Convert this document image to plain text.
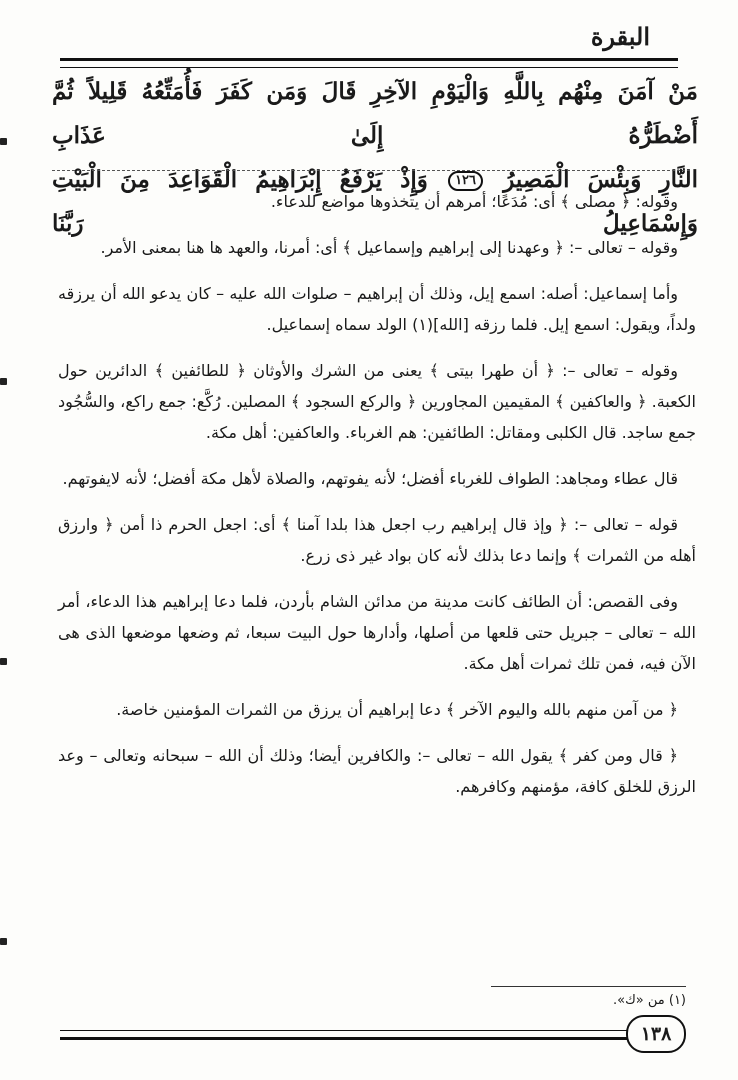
البقرة
مَنْ آمَنَ مِنْهُم بِاللَّهِ وَالْيَوْمِ الآخِرِ قَالَ وَمَن كَفَرَ فَأُمَتِّعُهُ قَلِيلاً ثُمَّ أَضْطَرُّهُ إِلَىٰ عَذَابِ
النَّارِ وَبِئْسَ الْمَصِيرُ ١٢٦ وَإِذْ يَرْفَعُ إِبْرَاهِيمُ الْقَوَاعِدَ مِنَ الْبَيْتِ وَإِسْمَاعِيلُ رَبَّنَا

وقوله: ﴿ مصلى ﴾ أى: مُدَعًا؛ أمرهم أن يتخذوها مواضع للدعاء.

وقوله – تعالى –: ﴿ وعهدنا إلى إبراهيم وإسماعيل ﴾ أى: أمرنا، والعهد ها هنا بمعنى الأمر.

وأما إسماعيل: أصله: اسمع إيل، وذلك أن إبراهيم – صلوات الله عليه – كان يدعو الله أن يرزقه ولداً، ويقول: اسمع إيل. فلما رزقه [الله](١) الولد سماه إسماعيل.

وقوله – تعالى –: ﴿ أن طهرا بيتى ﴾ يعنى من الشرك والأوثان ﴿ للطائفين ﴾ الدائرين حول الكعبة. ﴿ والعاكفين ﴾ المقيمين المجاورين ﴿ والركع السجود ﴾ المصلين. رُكَّع: جمع راكع، والسُّجُود جمع ساجد. قال الكلبى ومقاتل: الطائفين: هم الغرباء. والعاكفين: أهل مكة.

قال عطاء ومجاهد: الطواف للغرباء أفضل؛ لأنه يفوتهم، والصلاة لأهل مكة أفضل؛ لأنه لايفوتهم.

قوله – تعالى –: ﴿ وإذ قال إبراهيم رب اجعل هذا بلدا آمنا ﴾ أى: اجعل الحرم ذا أمن ﴿ وارزق أهله من الثمرات ﴾ وإنما دعا بذلك لأنه كان بواد غير ذى زرع.

وفى القصص: أن الطائف كانت مدينة من مدائن الشام بأردن، فلما دعا إبراهيم هذا الدعاء، أمر الله – تعالى – جبريل حتى قلعها من أصلها، وأدارها حول البيت سبعا، ثم وضعها موضعها الذى هى الآن فيه، فمن تلك ثمرات أهل مكة.

﴿ من آمن منهم بالله واليوم الآخر ﴾ دعا إبراهيم أن يرزق من الثمرات المؤمنين خاصة.

﴿ قال ومن كفر ﴾ يقول الله – تعالى –: والكافرين أيضا؛ وذلك أن الله – سبحانه وتعالى – وعد الرزق للخلق كافة، مؤمنهم وكافرهم.

(١) من «ك».
١٣٨
